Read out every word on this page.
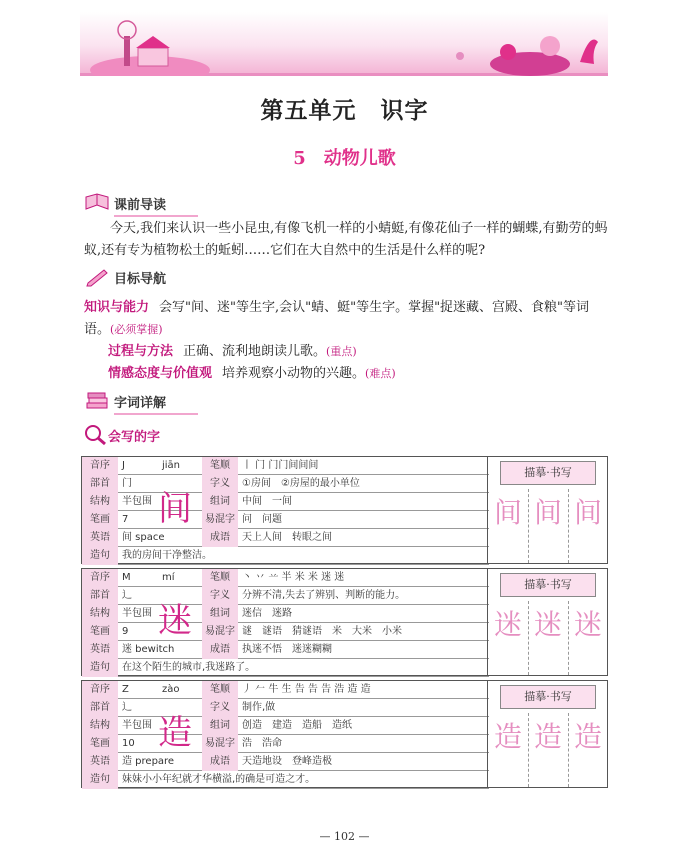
第五单元　识字
5　动物儿歌
课前导读

今天,我们来认识一些小昆虫,有像飞机一样的小蜻蜓,有像花仙子一样的蝴蝶,有勤劳的蚂蚁,还有专为植物松土的蚯蚓……它们在大自然中的生活是什么样的呢?

目标导航
知识与能力 会写"间、迷"等生字,会认"蜻、蜓"等生字。掌握"捉迷藏、宫殿、食粮"等词语。(必须掌握)
过程与方法 正确、流利地朗读儿歌。(重点)
情感态度与价值观 培养观察小动物的兴趣。(难点)
字词详解
会写的字
音序	J	jiān	笔顺	丨 门 门门间间间
部首	门	字义	①房间　②房屋的最小单位
结构	半包围	组词	中间　一间
笔画	7	易混字 问　问题
英语	间 space	成语	天上人间　转眼之间
造句	我的房间干净整洁。
间
描摹·书写
间 间 间
音序	M	mí	笔顺	丶 丷 䒑 半 米 米 迷 迷
部首	辶	字义	分辨不清,失去了辨别、判断的能力。
结构	半包围	组词	迷信　迷路
笔画	9	易混字 谜　谜语　猜谜语　米　大米　小米
英语	迷 bewitch	成语	执迷不悟　迷迷糊糊
造句	在这个陌生的城市,我迷路了。
迷
描摹·书写
迷 迷 迷
音序	Z	zào	笔顺	丿 𠂉 牛 生 告 告 告 浩 造 造
部首	辶	字义	制作,做
结构	半包围	组词	创造　建造　造船　造纸
笔画	10	易混字 浩　浩命
英语	造 prepare	成语	天造地设　登峰造极
造句	妹妹小小年纪就才华横溢,的确是可造之才。
造
描摹·书写
造 造 造
— 102 —
